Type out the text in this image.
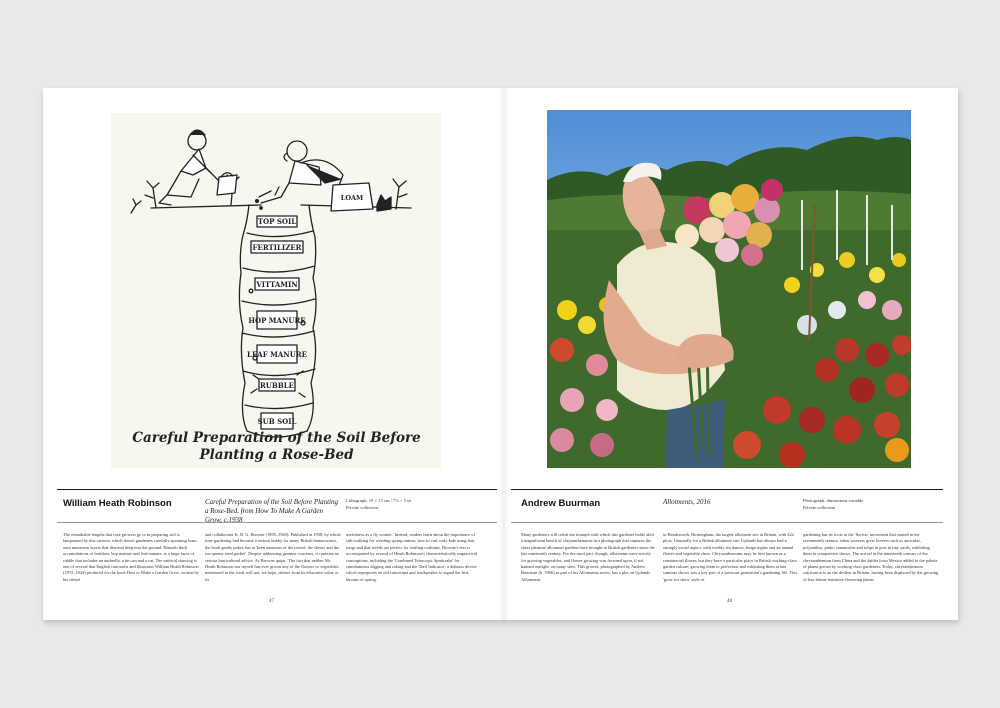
TOP SOIL
FERTILIZER
VITTAMIN
HOP MANURE
LEAF MANURE
RUBBLE
SUB SOIL
LOAM
Careful Preparation of the Soil Before Planting a Rose-Bed
William Heath Robinson	Careful Preparation of the Soil Before Planting a Rose-Bed, from How To Make A Garden Grow, c.1938
Lithograph, 19 × 13 cm / 7½ × 5 in
Private collection
The remarkable lengths that rose growers go to in preparing soil is lampooned by this cartoon, which shows gardeners carefully spooning loam onto numerous layers that descend deep into the ground. Beneath thick accumulations of fertilizer, hop manure and leaf manure, is a large layer of rubble that includes an umbrella, a tin can and a cat. The satirical drawing is one of several that English cartoonist and illustrator William Heath Robinson (1872–1944) produced for the book How to Make a Garden Grow, written by his friend
and collaborator K. R. G. Browne (1895–1940). Published in 1938, by which time gardening had become a serious hobby for many British homeowners, the book gently pokes fun at 'keen amateurs of the trowel, the shears and the two-penny seed packet'. Despite addressing genuine concerns, it contains no serious horticultural advice. As Browne quips: 'The fact that neither Mr Heath Robinson nor myself has ever grown any of the flowers or vegetables mentioned in the work will not, we hope, detract from its educative value or its
usefulness as a fly swatter.' Instead, readers learn about the importance of stilt-walking for weeding spring onions, how to curl curly kale using hair tongs and that weeds are perfect for stuffing cushions. Browne's text is accompanied by several of Heath Robinson's characteristically impractical contraptions, including the 'Combined Telescopic Spudcrake' for simultaneous digging and raking and the 'Daff Indicator', a dubious device which repurposes an old concertina and loudspeaker to signal the first blooms of spring.
47
Andrew Buurman	Allotments, 2016	Photograph, dimensions variable
Private collection
Many gardeners will relish the triumph with which this gardener holds aloft a magnificent bunch of chrysanthemums in a photograph that captures the sheer pleasure allotment gardens have brought to British gardeners since the late nineteenth century. For the most part, though, allotments were strictly for growing vegetables, and flower growing was frowned upon, if not banned outright, on many sites. This grower, photographed by Andrew Buurman (b. 1966) as part of his Allotments series, has a plot on Uplands Allotments
in Handsworth, Birmingham, the largest allotment site in Britain, with 422 plots. Unusually for a British allotment site, Uplands has always had a strongly social aspect, with weekly tea dances, bingo nights and an annual flower and vegetable show. Chrysanthemums may be best known as a commercial flower, but they have a particular place in British working-class garden culture; growing them to perfection and exhibiting them at late summer shows was a key part of a previous generation's gardening life. This 'grow for show' style of
gardening has its roots in the 'florists' movement that started in the seventeenth century, when weavers grew flowers such as auriculas, polyanthus, pinks, ranunculus and tulips in pots in tiny yards, exhibiting them in competitive shows. The arrival in the nineteenth century of the chrysanthemum from China and the dahlia from Mexico added to the palette of plants grown by working-class gardeners. Today, chrysanthemum cultivation is on the decline in Britain, having been displaced by the growing of less labour-intensive flowering plants.
48
